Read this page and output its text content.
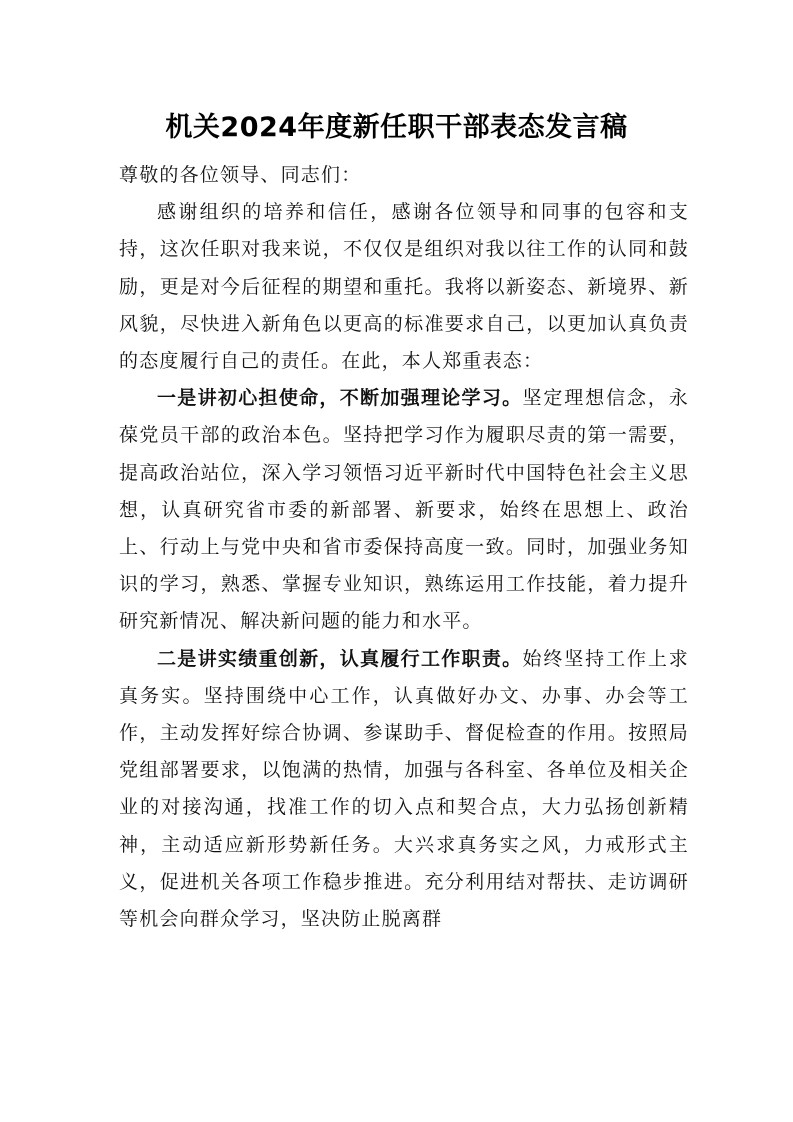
机关2024年度新任职干部表态发言稿

尊敬的各位领导、同志们：

感谢组织的培养和信任，感谢各位领导和同事的包容和支持，这次任职对我来说，不仅仅是组织对我以往工作的认同和鼓励，更是对今后征程的期望和重托。我将以新姿态、新境界、新风貌，尽快进入新角色以更高的标准要求自己，以更加认真负责的态度履行自己的责任。在此，本人郑重表态：

一是讲初心担使命，不断加强理论学习。坚定理想信念，永葆党员干部的政治本色。坚持把学习作为履职尽责的第一需要，提高政治站位，深入学习领悟习近平新时代中国特色社会主义思想，认真研究省市委的新部署、新要求，始终在思想上、政治上、行动上与党中央和省市委保持高度一致。同时，加强业务知识的学习，熟悉、掌握专业知识，熟练运用工作技能，着力提升研究新情况、解决新问题的能力和水平。

二是讲实绩重创新，认真履行工作职责。始终坚持工作上求真务实。坚持围绕中心工作，认真做好办文、办事、办会等工作，主动发挥好综合协调、参谋助手、督促检查的作用。按照局党组部署要求，以饱满的热情，加强与各科室、各单位及相关企业的对接沟通，找准工作的切入点和契合点，大力弘扬创新精神，主动适应新形势新任务。大兴求真务实之风，力戒形式主义，促进机关各项工作稳步推进。充分利用结对帮扶、走访调研等机会向群众学习，坚决防止脱离群
